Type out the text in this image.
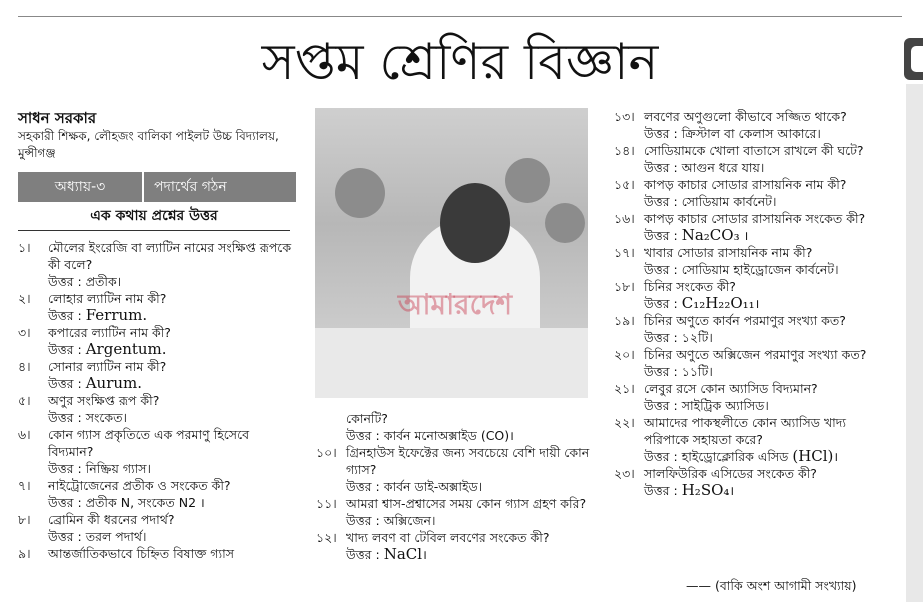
সপ্তম শ্রেণির বিজ্ঞান
সাধন সরকার
সহকারী শিক্ষক, লৌহজং বালিকা পাইলট উচ্চ বিদ্যালয়, মুন্সীগঞ্জ
অধ্যায়-৩	পদার্থের গঠন
এক কথায় প্রশ্নের উত্তর
১।	মৌলের ইংরেজি বা ল্যাটিন নামের সংক্ষিপ্ত রূপকে কী বলে?
উত্তর : প্রতীক।
২।	লোহার ল্যাটিন নাম কী?
উত্তর : Ferrum.
৩।	কপারের ল্যাটিন নাম কী?
উত্তর : Argentum.
৪।	সোনার ল্যাটিন নাম কী?
উত্তর : Aurum.
৫।	অণুর সংক্ষিপ্ত রূপ কী?
উত্তর : সংকেত।
৬।	কোন গ্যাস প্রকৃতিতে এক পরমাণু হিসেবে বিদ্যমান?
উত্তর : নিষ্ক্রিয় গ্যাস।
৭।	নাইট্রোজেনের প্রতীক ও সংকেত কী?
উত্তর : প্রতীক N, সংকেত N2 ।
৮।	ব্রোমিন কী ধরনের পদার্থ?
উত্তর : তরল পদার্থ।
৯।	আন্তর্জাতিকভাবে চিহ্নিত বিষাক্ত গ্যাস
আমারদেশ
কোনটি?
উত্তর : কার্বন মনোঅক্সাইড (CO)।
১০। গ্রিনহাউস ইফেক্টের জন্য সবচেয়ে বেশি দায়ী কোন গ্যাস?
উত্তর : কার্বন ডাই-অক্সাইড।
১১। আমরা শ্বাস-প্রশ্বাসের সময় কোন গ্যাস গ্রহণ করি?
উত্তর : অক্সিজেন।
১২। খাদ্য লবণ বা টেবিল লবণের সংকেত কী?
উত্তর : NaCl।
১৩। লবণের অণুগুলো কীভাবে সজ্জিত থাকে?
উত্তর : ক্রিস্টাল বা কেলাস আকারে।
১৪। সোডিয়ামকে খোলা বাতাসে রাখলে কী ঘটে?
উত্তর : আগুন ধরে যায়।
১৫। কাপড় কাচার সোডার রাসায়নিক নাম কী?
উত্তর : সোডিয়াম কার্বনেট।
১৬। কাপড় কাচার সোডার রাসায়নিক সংকেত কী?
উত্তর : Na₂CO₃ ।
১৭। খাবার সোডার রাসায়নিক নাম কী?
উত্তর : সোডিয়াম হাইড্রোজেন কার্বনেট।
১৮। চিনির সংকেত কী?
উত্তর : C₁₂H₂₂O₁₁।
১৯। চিনির অণুতে কার্বন পরমাণুর সংখ্যা কত?
উত্তর : ১২টি।
২০। চিনির অণুতে অক্সিজেন পরমাণুর সংখ্যা কত?
উত্তর : ১১টি।
২১। লেবুর রসে কোন অ্যাসিড বিদ্যমান?
উত্তর : সাইট্রিক অ্যাসিড।
২২। আমাদের পাকস্থলীতে কোন অ্যাসিড খাদ্য পরিপাকে সহায়তা করে?
উত্তর : হাইড্রোক্লোরিক এসিড (HCl)।
২৩। সালফিউরিক এসিডের সংকেত কী?
উত্তর : H₂SO₄।
—— (বাকি অংশ আগামী সংখ্যায়)
